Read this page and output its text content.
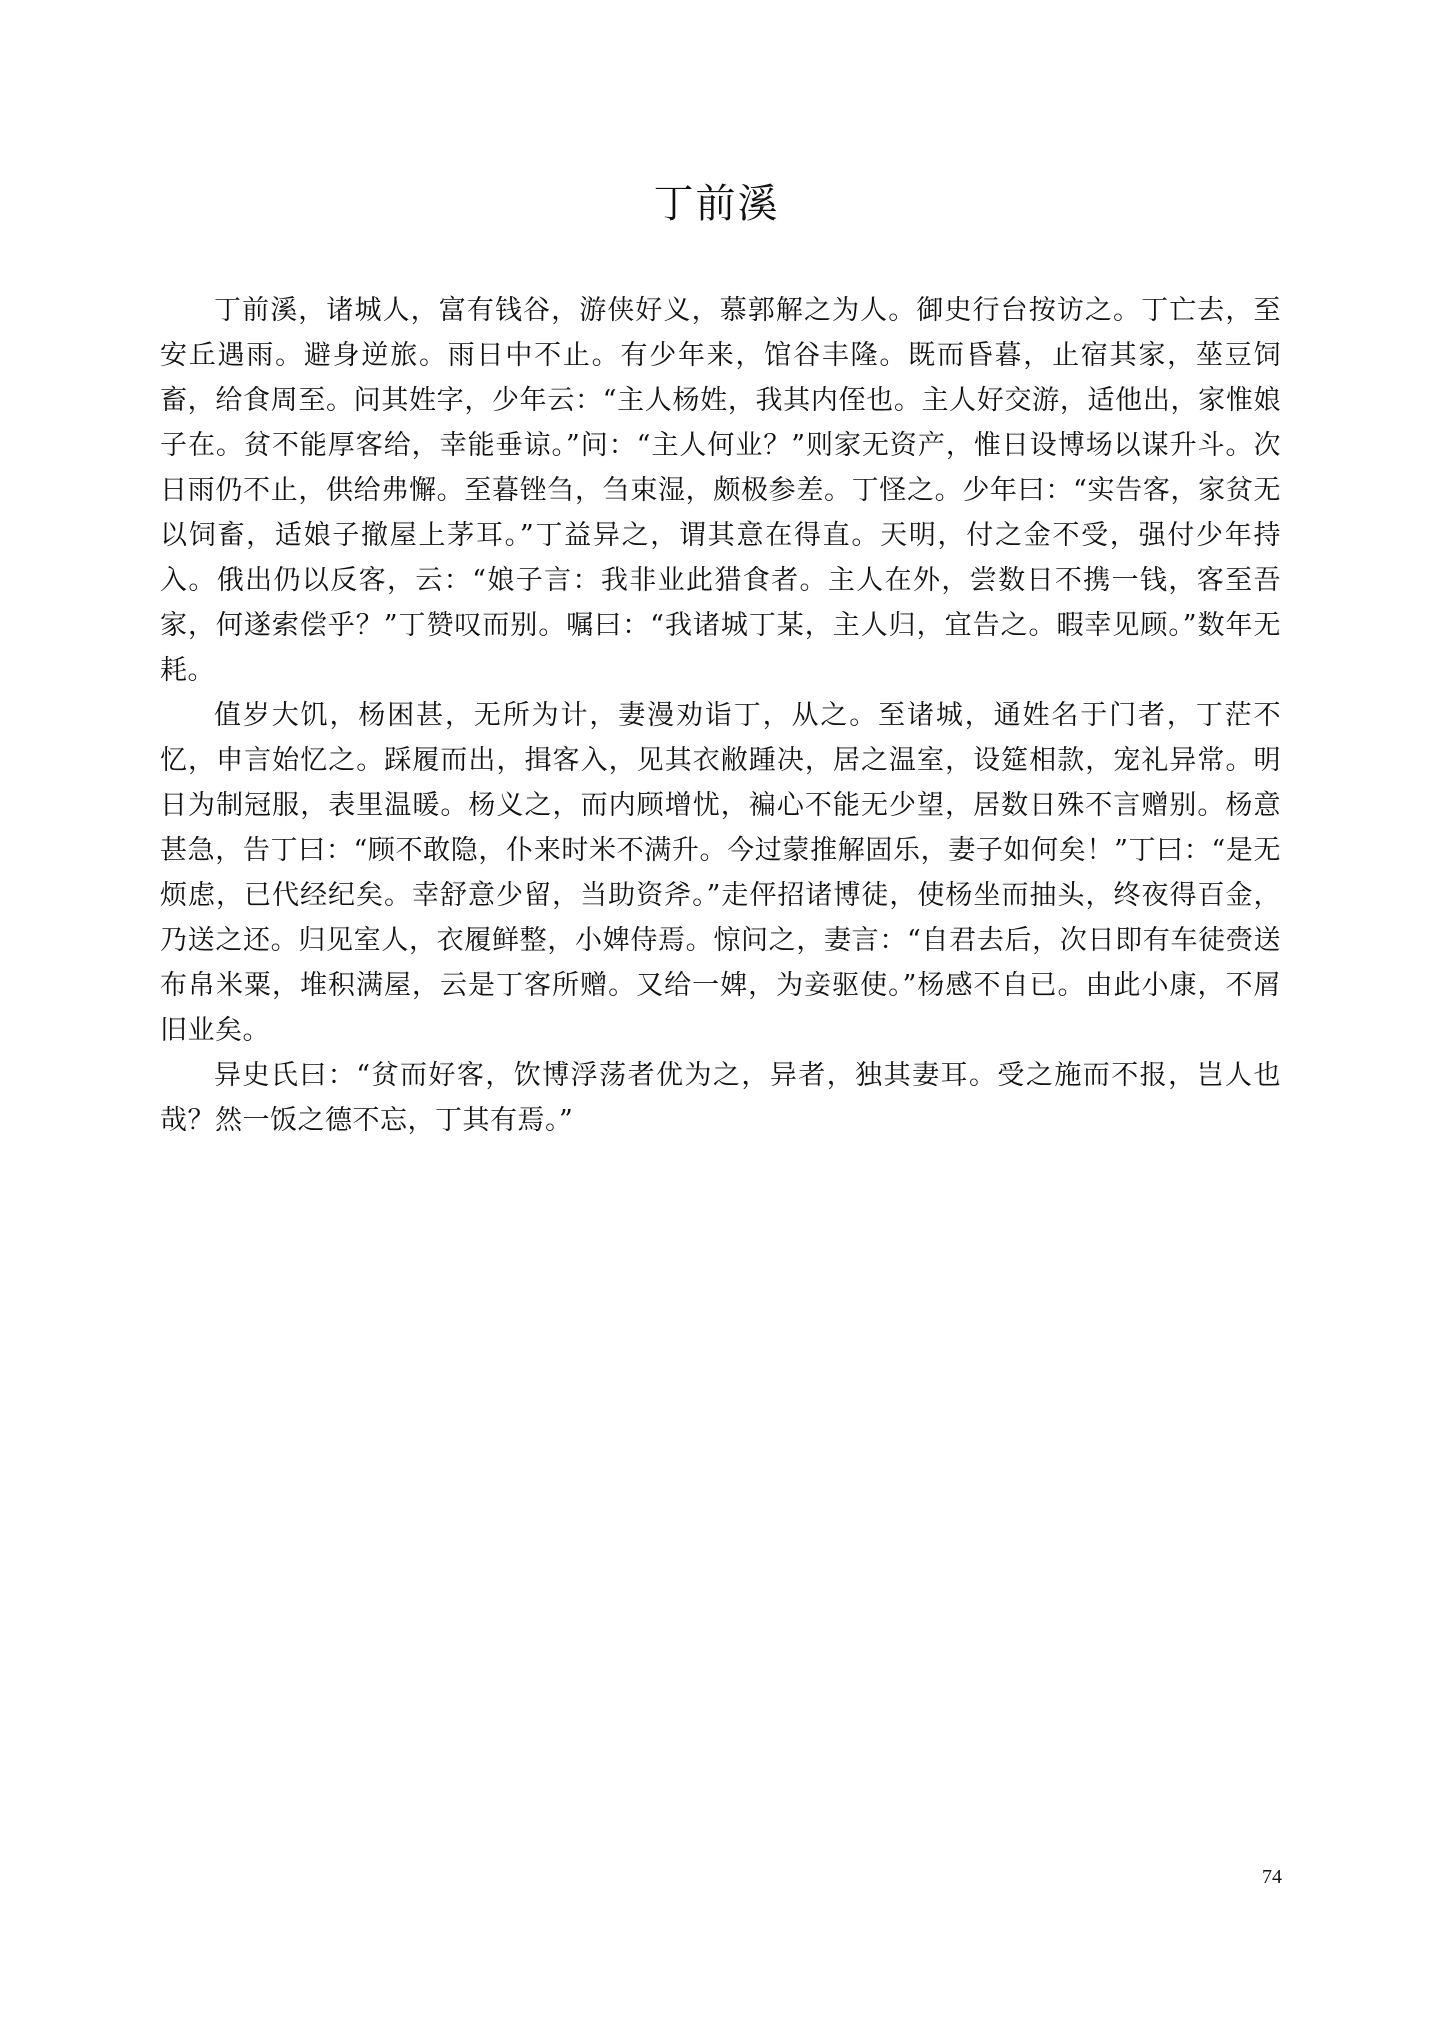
丁前溪

丁前溪，诸城人，富有钱谷，游侠好义，慕郭解之为人。御史行台按访之。丁亡去，至安丘遇雨。避身逆旅。雨日中不止。有少年来，馆谷丰隆。既而昏暮，止宿其家，莝豆饲畜，给食周至。问其姓字，少年云：“主人杨姓，我其内侄也。主人好交游，适他出，家惟娘子在。贫不能厚客给，幸能垂谅。”问：“主人何业？”则家无资产，惟日设博场以谋升斗。次日雨仍不止，供给弗懈。至暮锉刍，刍束湿，颇极参差。丁怪之。少年曰：“实告客，家贫无以饲畜，适娘子撤屋上茅耳。”丁益异之，谓其意在得直。天明，付之金不受，强付少年持入。俄出仍以反客，云：“娘子言：我非业此猎食者。主人在外，尝数日不携一钱，客至吾家，何遂索偿乎？”丁赞叹而别。嘱曰：“我诸城丁某，主人归，宜告之。暇幸见顾。”数年无耗。

值岁大饥，杨困甚，无所为计，妻漫劝诣丁，从之。至诸城，通姓名于门者，丁茫不忆，申言始忆之。踩履而出，揖客入，见其衣敝踵决，居之温室，设筵相款，宠礼异常。明日为制冠服，表里温暖。杨义之，而内顾增忧，褊心不能无少望，居数日殊不言赠别。杨意甚急，告丁曰：“顾不敢隐，仆来时米不满升。今过蒙推解固乐，妻子如何矣！”丁曰：“是无烦虑，已代经纪矣。幸舒意少留，当助资斧。”走伻招诸博徒，使杨坐而抽头，终夜得百金，乃送之还。归见室人，衣履鲜整，小婢侍焉。惊问之，妻言：“自君去后，次日即有车徒赍送布帛米粟，堆积满屋，云是丁客所赠。又给一婢，为妾驱使。”杨感不自已。由此小康，不屑旧业矣。

异史氏曰：“贫而好客，饮博浮荡者优为之，异者，独其妻耳。受之施而不报，岂人也哉？然一饭之德不忘，丁其有焉。”

74
